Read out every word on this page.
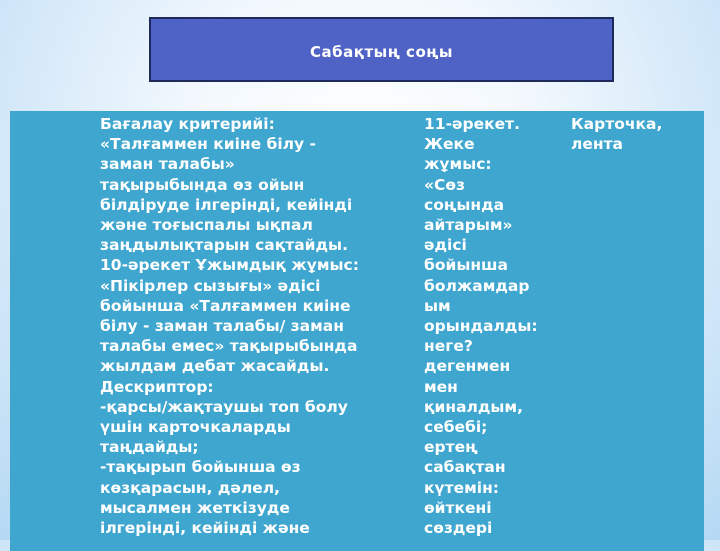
Сабақтың соңы

Бағалау критерийі:
«Талғаммен киіне білу -
заман талабы»
тақырыбында өз ойын
білдіруде ілгерінді, кейінді
және тоғыспалы ықпал
заңдылықтарын сақтайды.
10-әрекет Ұжымдық жұмыс:
«Пікірлер сызығы» әдісі
бойынша «Талғаммен киіне
білу - заман талабы/ заман
талабы емес» тақырыбында
жылдам дебат жасайды.
Дескриптор:
-қарсы/жақтаушы топ болу
үшін карточкаларды
таңдайды;
-тақырып бойынша өз
көзқарасын, дәлел,
мысалмен жеткізуде
ілгерінді, кейінді және

11-әрекет.
Жеке
жұмыс:
«Сөз
соңында
айтарым»
әдісі
бойынша
болжамдар
ым
орындалды:
неге?
дегенмен
мен
қиналдым,
себебі;
ертең
сабақтан
күтемін:
өйткені
сөздері

Карточка,
лента
